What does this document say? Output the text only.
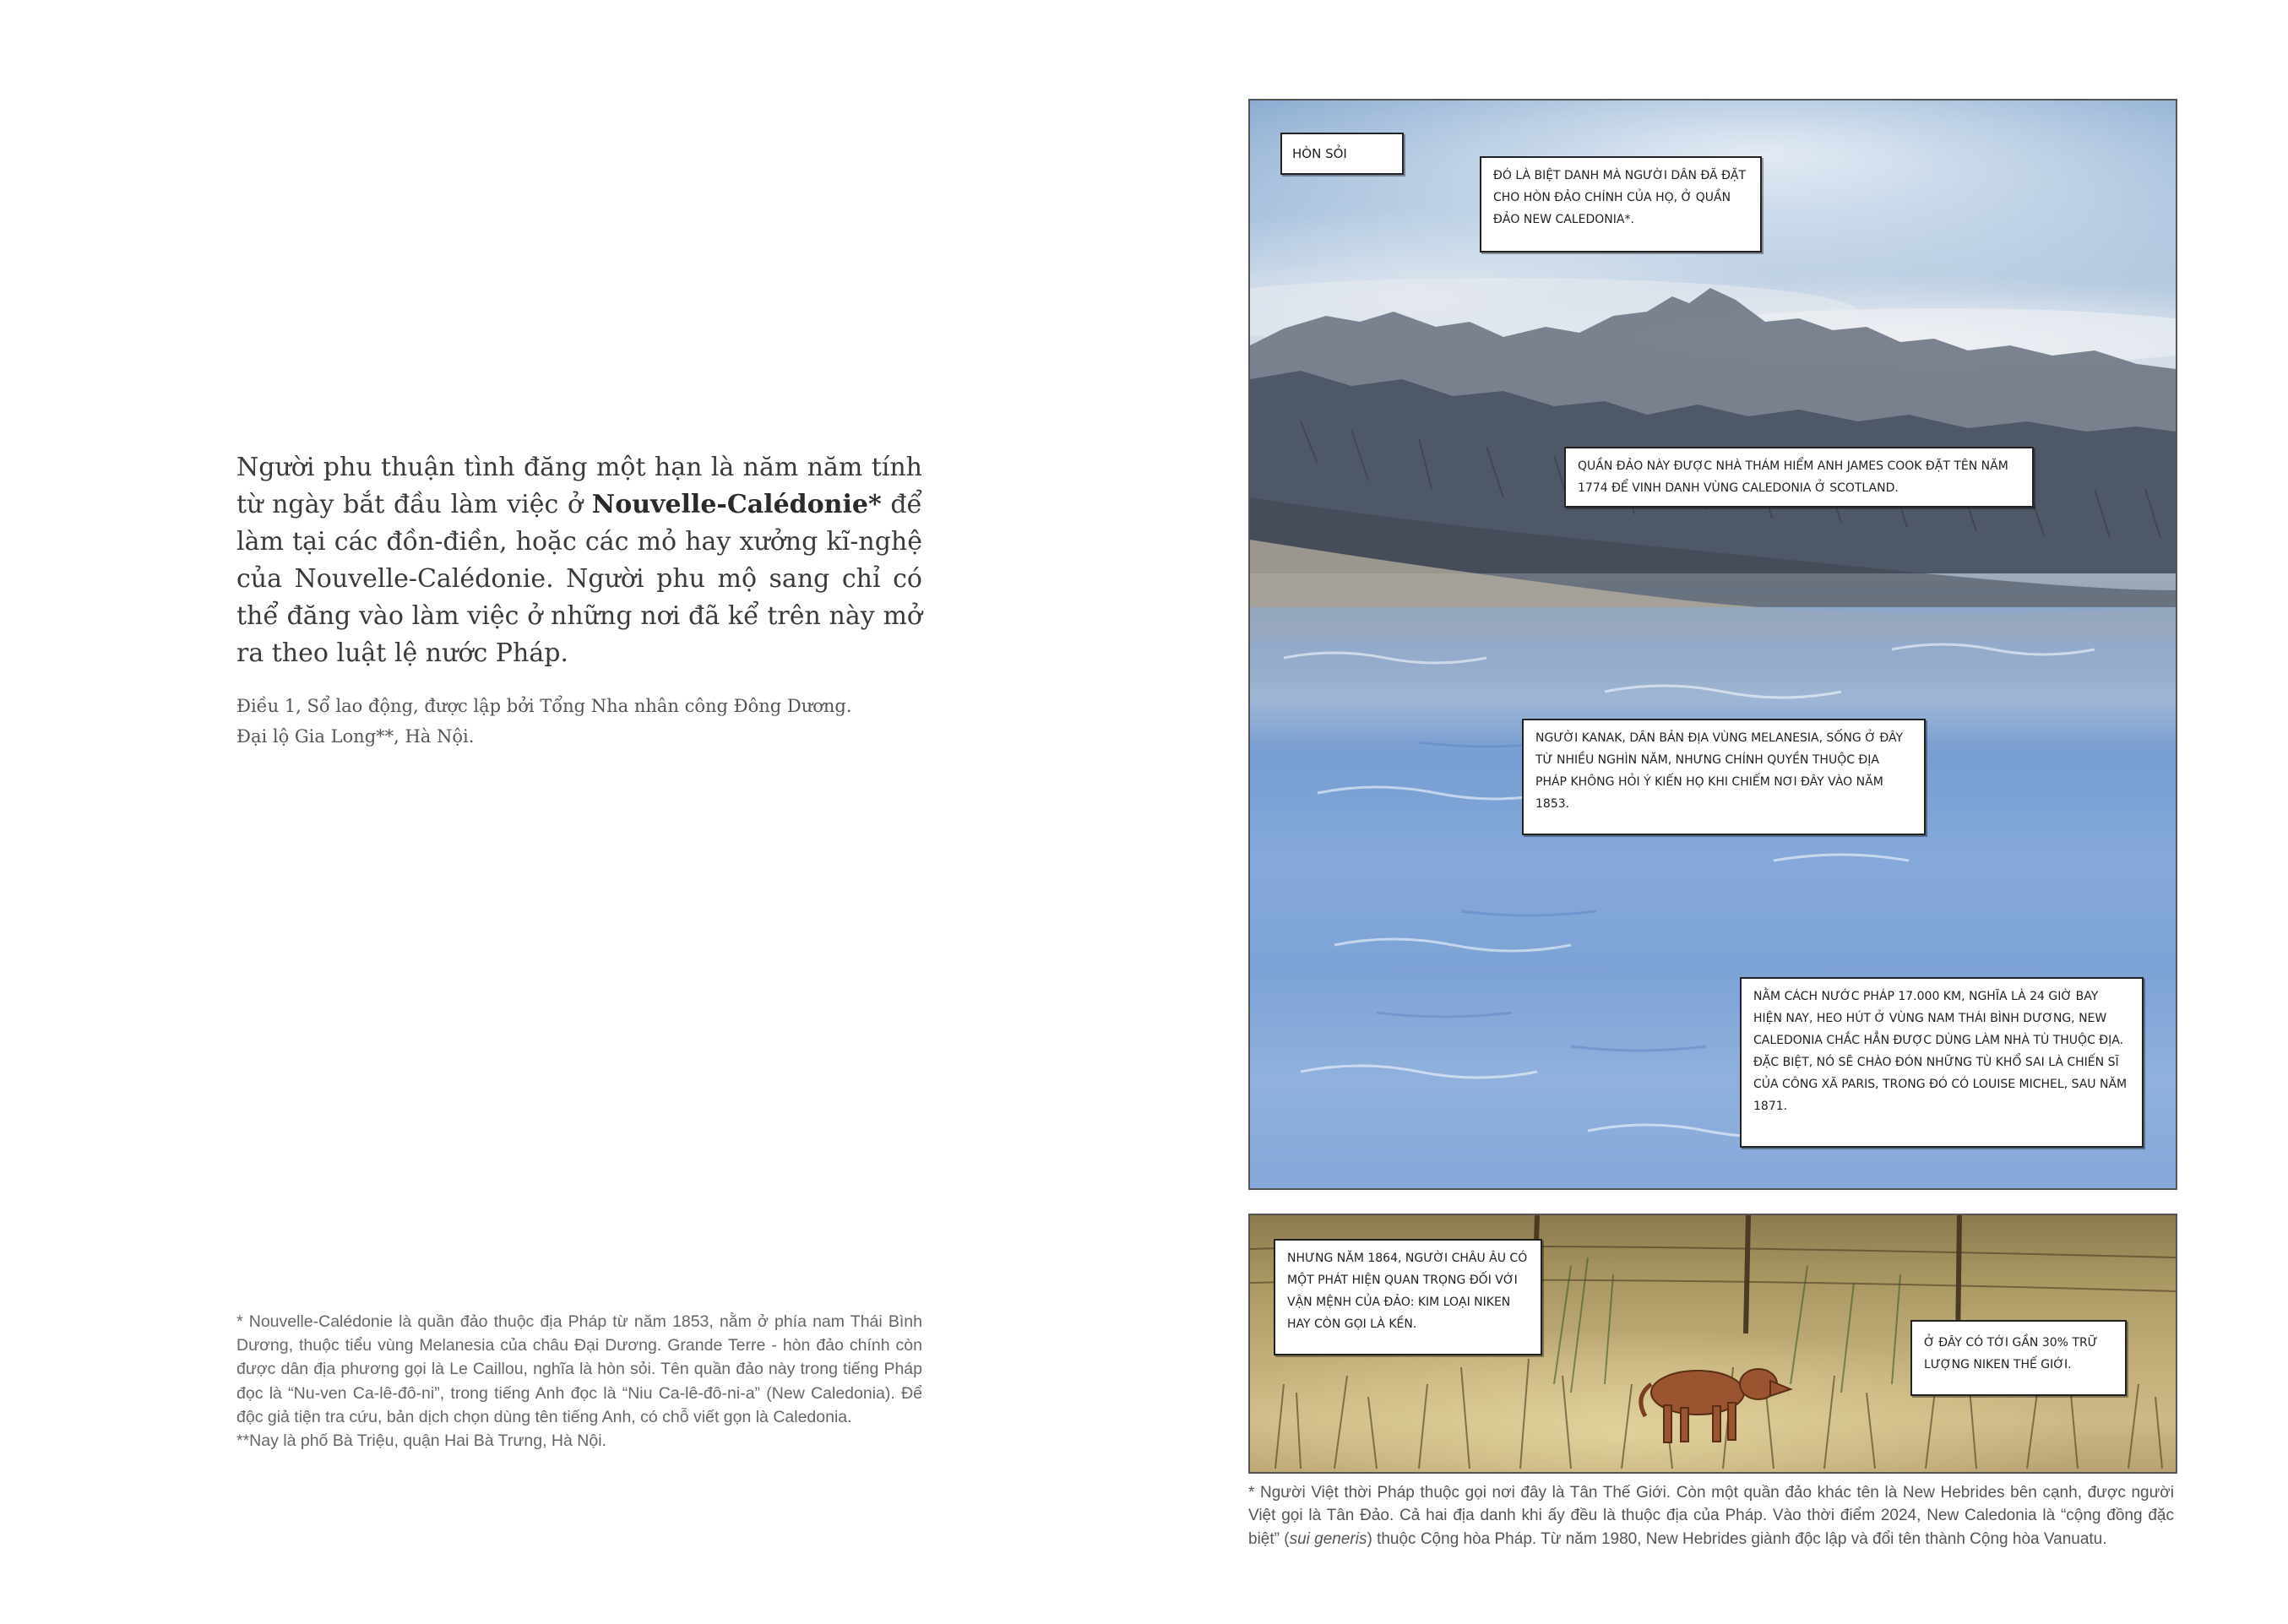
Người phu thuận tình đăng một hạn là năm năm tính từ ngày bắt đầu làm việc ở Nouvelle-Calédonie* để làm tại các đồn-điền, hoặc các mỏ hay xưởng kĩ-nghệ của Nouvelle-Calédonie. Người phu mộ sang chỉ có thể đăng vào làm việc ở những nơi đã kể trên này mở ra theo luật lệ nước Pháp.

Điều 1, Sổ lao động, được lập bởi Tổng Nha nhân công Đông Dương.
Đại lộ Gia Long**, Hà Nội.

* Nouvelle-Calédonie là quần đảo thuộc địa Pháp từ năm 1853, nằm ở phía nam Thái Bình Dương, thuộc tiểu vùng Melanesia của châu Đại Dương. Grande Terre - hòn đảo chính còn được dân địa phương gọi là Le Caillou, nghĩa là hòn sỏi. Tên quần đảo này trong tiếng Pháp đọc là “Nu-ven Ca-lê-đô-ni”, trong tiếng Anh đọc là “Niu Ca-lê-đô-ni-a” (New Caledonia). Để độc giả tiện tra cứu, bản dịch chọn dùng tên tiếng Anh, có chỗ viết gọn là Caledonia.

**Nay là phố Bà Triệu, quận Hai Bà Trưng, Hà Nội.

HÒN SỎI
ĐÓ LÀ BIỆT DANH MÀ NGƯỜI DÂN ĐÃ ĐẶT CHO HÒN ĐẢO CHÍNH CỦA HỌ, Ở QUẦN ĐẢO NEW CALEDONIA*.
QUẦN ĐẢO NÀY ĐƯỢC NHÀ THÁM HIỂM ANH JAMES COOK ĐẶT TÊN NĂM 1774 ĐỂ VINH DANH VÙNG CALEDONIA Ở SCOTLAND.
NGƯỜI KANAK, DÂN BẢN ĐỊA VÙNG MELANESIA, SỐNG Ở ĐÂY TỪ NHIỀU NGHÌN NĂM, NHƯNG CHÍNH QUYỀN THUỘC ĐỊA PHÁP KHÔNG HỎI Ý KIẾN HỌ KHI CHIẾM NƠI ĐÂY VÀO NĂM 1853.
NẰM CÁCH NƯỚC PHÁP 17.000 KM, NGHĨA LÀ 24 GIỜ BAY HIỆN NAY, HEO HÚT Ở VÙNG NAM THÁI BÌNH DƯƠNG, NEW CALEDONIA CHẮC HẲN ĐƯỢC DÙNG LÀM NHÀ TÙ THUỘC ĐỊA. ĐẶC BIỆT, NÓ SẼ CHÀO ĐÓN NHỮNG TÙ KHỔ SAI LÀ CHIẾN SĨ CỦA CÔNG XÃ PARIS, TRONG ĐÓ CÓ LOUISE MICHEL, SAU NĂM 1871.
NHƯNG NĂM 1864, NGƯỜI CHÂU ÂU CÓ MỘT PHÁT HIỆN QUAN TRỌNG ĐỐI VỚI VẬN MỆNH CỦA ĐẢO: KIM LOẠI NIKEN HAY CÒN GỌI LÀ KỀN.
Ở ĐÂY CÓ TỚI GẦN 30% TRỮ LƯỢNG NIKEN THẾ GIỚI.

* Người Việt thời Pháp thuộc gọi nơi đây là Tân Thế Giới. Còn một quần đảo khác tên là New Hebrides bên cạnh, được người Việt gọi là Tân Đảo. Cả hai địa danh khi ấy đều là thuộc địa của Pháp. Vào thời điểm 2024, New Caledonia là “cộng đồng đặc biệt” (sui generis) thuộc Cộng hòa Pháp. Từ năm 1980, New Hebrides giành độc lập và đổi tên thành Cộng hòa Vanuatu.
